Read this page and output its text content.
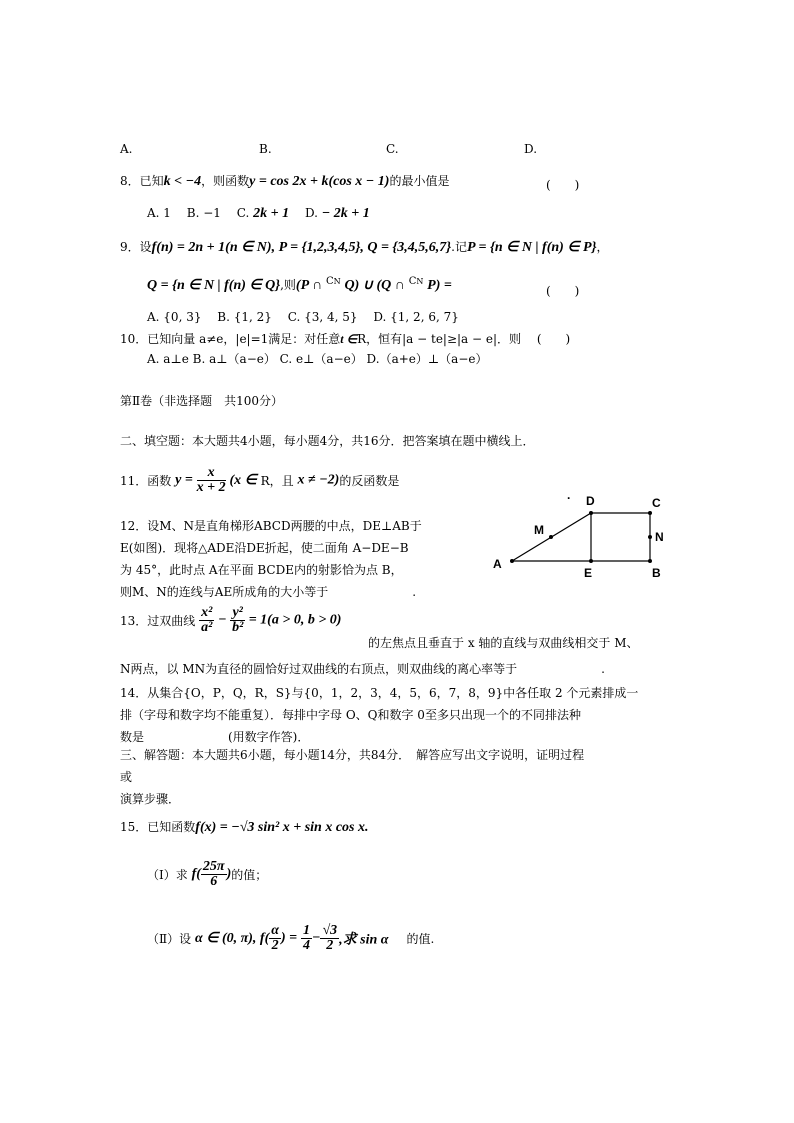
A.	B.	C.	D.
8．已知k < −4，则函数y = cos 2x + k(cos x − 1)的最小值是	(　　)
A. 1　 B. −1　 C. 2k + 1　 D. − 2k + 1
9．设f(n) = 2n + 1(n ∈ N), P = {1,2,3,4,5}, Q = {3,4,5,6,7}.记P = {n ∈ N | f(n) ∈ P}，
Q = {n ∈ N | f(n) ∈ Q},则(P ∩ CN Q) ∪ (Q ∩ CN P) =	(　　)
A. {0, 3}　 B. {1, 2}　 C. {3, 4, 5}　 D. {1, 2, 6, 7}
10．已知向量 a≠e，|e|=1满足：对任意t ∈R，恒有|a − te|≥|a − e|．则　 (　　)
A. a⊥e B. a⊥（a−e） C. e⊥（a−e） D.（a+e）⊥（a−e）
第Ⅱ卷（非选择题　共100分）
二、填空题：本大题共4小题，每小题4分，共16分．把答案填在题中横线上．
11．函数 $y = \frac{x}{x + 2} (x$ ∈ R，且 x ≠ −2)的反函数是
12．设M、N是直角梯形ABCD两腰的中点，DE⊥AB于
E(如图)．现将△ADE沿DE折起，使二面角 A−DE−B
为 45°，此时点 A在平面 BCDE内的射影恰为点 B，
则M、N的连线与AE所成角的大小等于　　　　　　　.
A
M
D
E
C
N
B
.
13．过双曲线 $\frac{\text{x²}}{\text{a²}} - \frac{\text{y²}}{\text{b²}} = 1(a > 0$, b > 0)
的左焦点且垂直于 x 轴的直线与双曲线相交于 M、
N两点，以 MN为直径的圆恰好过双曲线的右顶点，则双曲线的离心率等于　　　　　　　.
14．从集合{O，P，Q，R，S}与{0，1，2，3，4，5，6，7，8，9}中各任取 2 个元素排成一
排（字母和数字均不能重复）．每排中字母 O、Q和数字 0至多只出现一个的不同排法种
数是　　　　　　　(用数字作答)．
三、解答题：本大题共6小题，每小题14分，共84分．　解答应写出文字说明，证明过程
或
演算步骤．
15．已知函数f(x) = −√3 sin² x + sin x cos x.
（Ⅰ）求 $f( \frac{25\pi}{6}$ )的值；
（Ⅱ）设 α ∈ (0, π), $f( \frac{\alpha}{2}$ ) = $\frac{1}{4} - \frac{√3}{2}$ ,求 sin α 的值.
